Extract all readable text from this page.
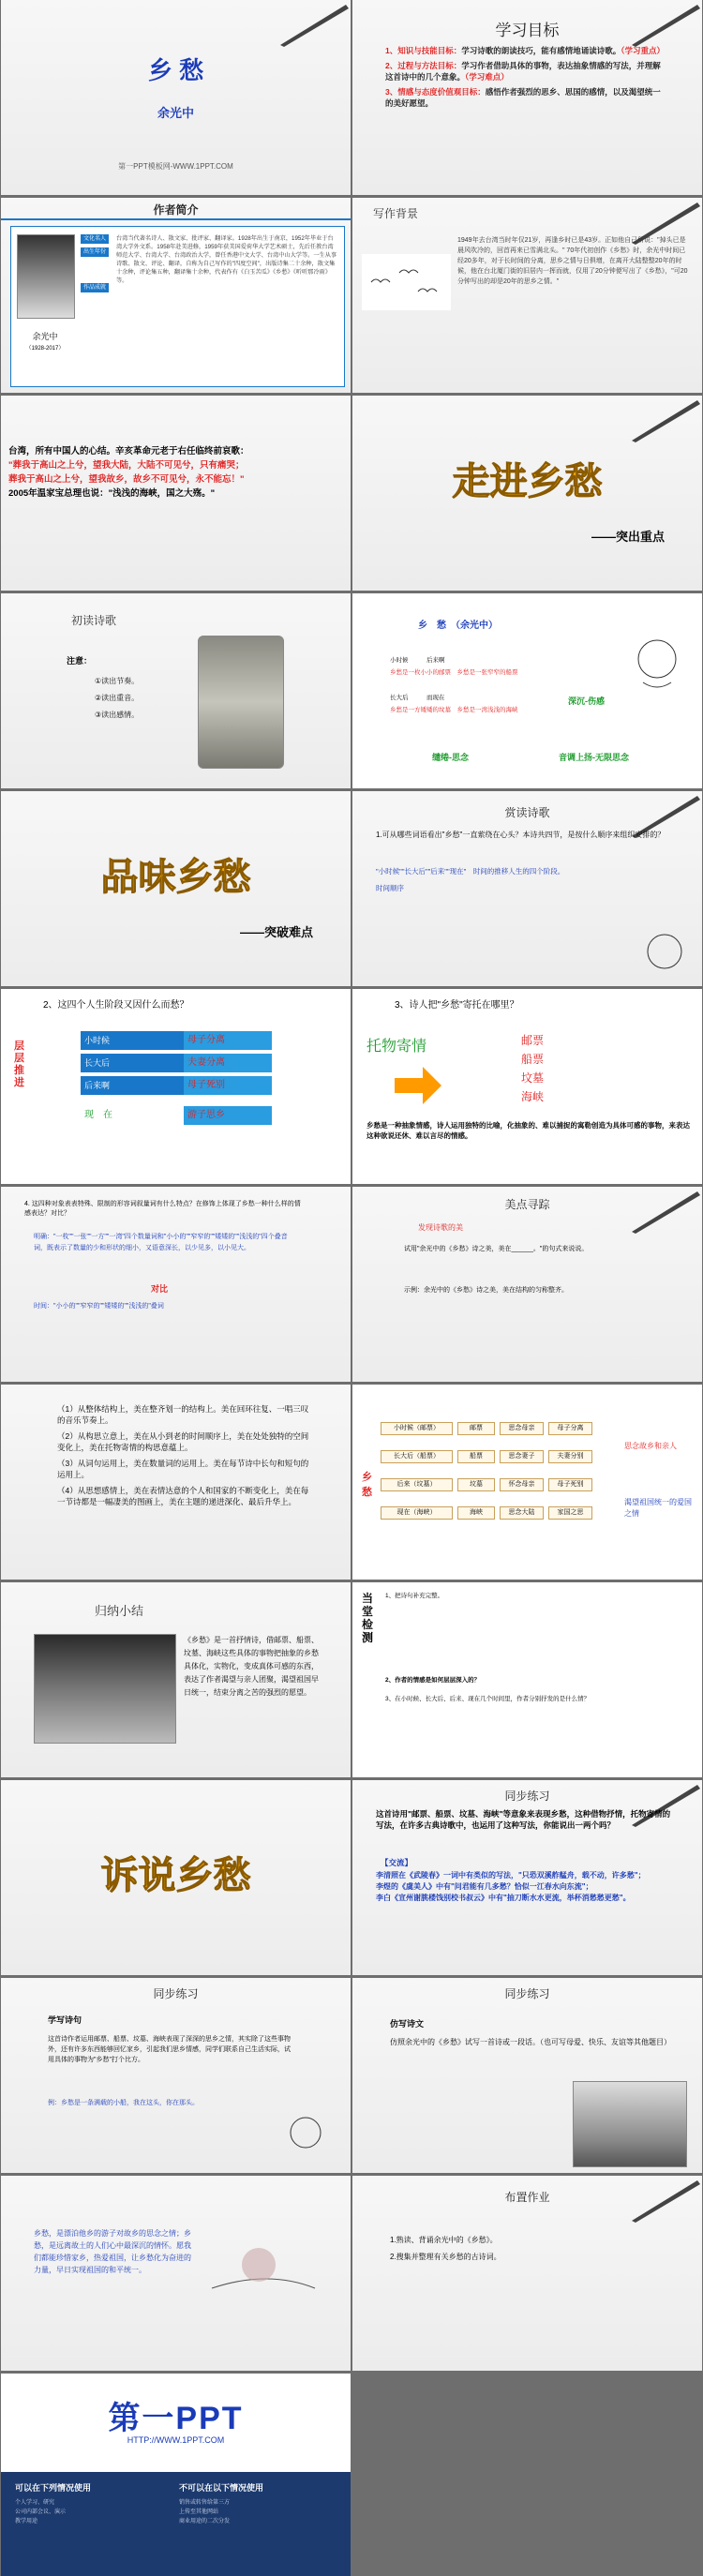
乡 愁
余光中
第一PPT模板网-WWW.1PPT.COM
学习目标

1、知识与技能目标：学习诗歌的朗读技巧，能有感情地诵读诗歌。（学习重点）

2、过程与方法目标：学习作者借助具体的事物，表达抽象情感的写法，并理解这首诗中的几个意象。（学习难点）

3、情感与态度价值观目标：感悟作者强烈的思乡、思国的感情，以及渴望统一的美好愿望。

作者简介
余光中
（1928-2017）
文化名人
出生年份
作品成就
台湾当代著名诗人、散文家、批评家、翻译家。1928年出生于南京，1952年毕业于台湾大学外文系。1958年赴美进修，1959年获美国爱荷华大学艺术硕士，先后任教台湾师范大学、台湾大学、台湾政治大学，曾任香港中文大学、台湾中山大学等。一生从事诗歌、散文、评论、翻译，自称为自己写作的"四度空间"，出版诗集二十余种，散文集十余种，评论集五种，翻译集十余种，代表作有《白玉苦瓜》《乡愁》《听听那冷雨》等。
写作背景
1949年去台湾当时年仅21岁，再逢乡时已是43岁。正如他自己所说："掉头已是晨风吹冷的，回首再来已雪满北头。" 70年代初创作《乡愁》时，余光中时间已经20多年，对于长时间的分离，思乡之情与日俱增，在离开大陆整整20年的时候，他在台北厦门街的旧居内一挥而就，仅用了20分钟便写出了《乡愁》，"可20分钟写出的却是20年的思乡之情。"
台湾，所有中国人的心结。辛亥革命元老于右任临终前哀歌：
"葬我于高山之上兮，望我大陆，大陆不可见兮，只有痛哭；
葬我于高山之上兮，望我故乡，故乡不可见兮，永不能忘！"
2005年温家宝总理也说："浅浅的海峡，国之大殇。"	走进乡愁
——突出重点
初读诗歌
注意：
①读出节奏。
②读出重音。
③读出感情。
乡　愁　（余光中）
小时候　　　后来啊
乡愁是一枚小小的邮票　乡愁是一张窄窄的船票
长大后　　　而现在
乡愁是一方矮矮的坟墓　乡愁是一湾浅浅的海峡
深沉-伤感
缱绻-思念	音调上扬-无限思念
品味乡愁
——突破难点
赏读诗歌
1.可从哪些词语看出"乡愁"一直萦绕在心头？本诗共四节，是按什么顺序来组织安排的？
"小时候""长大后""后来""现在"　时间的推移人生的四个阶段。
时间顺序
2、这四个人生阶段又因什么而愁？
层层推进
小时候	母子分离
长大后	夫妻分离
后来啊	母子死别
现　在	游子思乡
3、诗人把"乡愁"寄托在哪里？
托物寄情	邮票
船票
坟墓
海峡
乡愁是一种抽象情感，诗人运用独特的比喻，化抽象的、难以捕捉的寓勒创造为具体可感的事物，来表达这种欲说还休、难以言尽的情感。
4. 这四种对象表表特殊、限制的形容词叙量词有什么特点？在修饰上体现了乡愁一种什么样的情感表达？对比？
明确："一枚""一张""一方""一湾"四个数量词和"小小的""窄窄的""矮矮的""浅浅的"四个叠音词，既表示了数量的少和形状的细小，又语意深长，以少见多，以小见大。
对比
时间："小小的""窄窄的""矮矮的""浅浅的"叠词
美点寻踪
发现诗歌的美
试用"余光中的《乡愁》诗之美，美在______。"的句式来说说。
示例：余光中的《乡愁》诗之美，美在结构的匀称整齐。

（1）从整体结构上，美在整齐划一的结构上。美在回环往复、一唱三叹的音乐节奏上。

（2）从构思立意上，美在从小到老的时间顺序上，美在处处独特的空间变化上，美在托物寄情的构思意蕴上。

（3）从词句运用上，美在数量词的运用上。美在每节诗中长句和短句的运用上。

（4）从思想感情上，美在表情达意的个人和国家的不断变化上，美在每一节诗都是一幅凄美的图画上，美在主题的递进深化、最后升华上。

乡愁
小时候（邮票）	邮票	思念母亲	母子分离
长大后（船票）	船票	思念妻子	夫妻分别
后来（坟墓）	坟墓	怀念母亲	母子死别
现在（海峡）	海峡	思念大陆	家国之思
思念故乡和亲人
渴望祖国统一的爱国之情
归纳小结
《乡愁》是一首抒情诗，借邮票、船票、坟墓、海峡这些具体的事物把抽象的乡愁具体化，实物化，变成真体可感的东西，表达了作者渴望与亲人团聚，渴望祖国早日统一，结束分离之苦的强烈的愿望。
当堂检测
1、把诗句补充完整。
2、作者的情感是如何层层深入的？
3、在小时候、长大后、后来、现在几个时间里，作者分别抒发的是什么情？
诉说乡愁
同步练习
这首诗用"邮票、船票、坟墓、海峡"等意象来表现乡愁，这种借物抒情，托物寄情的写法，在许多古典诗歌中，也运用了这种写法，你能说出一两个吗？
【交流】
李清照在《武陵春》一词中有类似的写法，"只恐双溪舴艋舟，载不动，许多愁"；
李煜的《虞美人》中有"问君能有几多愁？恰似一江春水向东流"；
李白《宣州谢朓楼饯别校书叔云》中有"抽刀断水水更流，举杯消愁愁更愁"。
同步练习
学写诗句
这首诗作者运用邮票、船票、坟墓、海峡表现了深深的思乡之情，其实除了这些事物外，还有许多东西能够回忆家乡，引起我们思乡情感，同学们联系自己生活实际，试用具体的事物为"乡愁"打个比方。
例：乡愁是一条满载的小船，我在这头，你在那头。
同步练习
仿写诗文
仿照余光中的《乡愁》试写一首诗或一段话。（也可写母爱、快乐、友谊等其他题目）
乡愁，是漂泊他乡的游子对故乡的思念之情；乡愁，是远离故土的人们心中最深沉的情怀。愿我们都能珍惜家乡，热爱祖国，让乡愁化为奋进的力量，早日实现祖国的和平统一。
布置作业
1.熟读、背诵余光中的《乡愁》。
2.搜集并整理有关乡愁的古诗词。
第一PPT
HTTP://WWW.1PPT.COM
可以在下列情况使用	不可以在以下情况使用
个人学习、研究
公司内部会议、演示
教学用途
销售或转售给第三方
上传至其他网站
商业用途的二次分发
